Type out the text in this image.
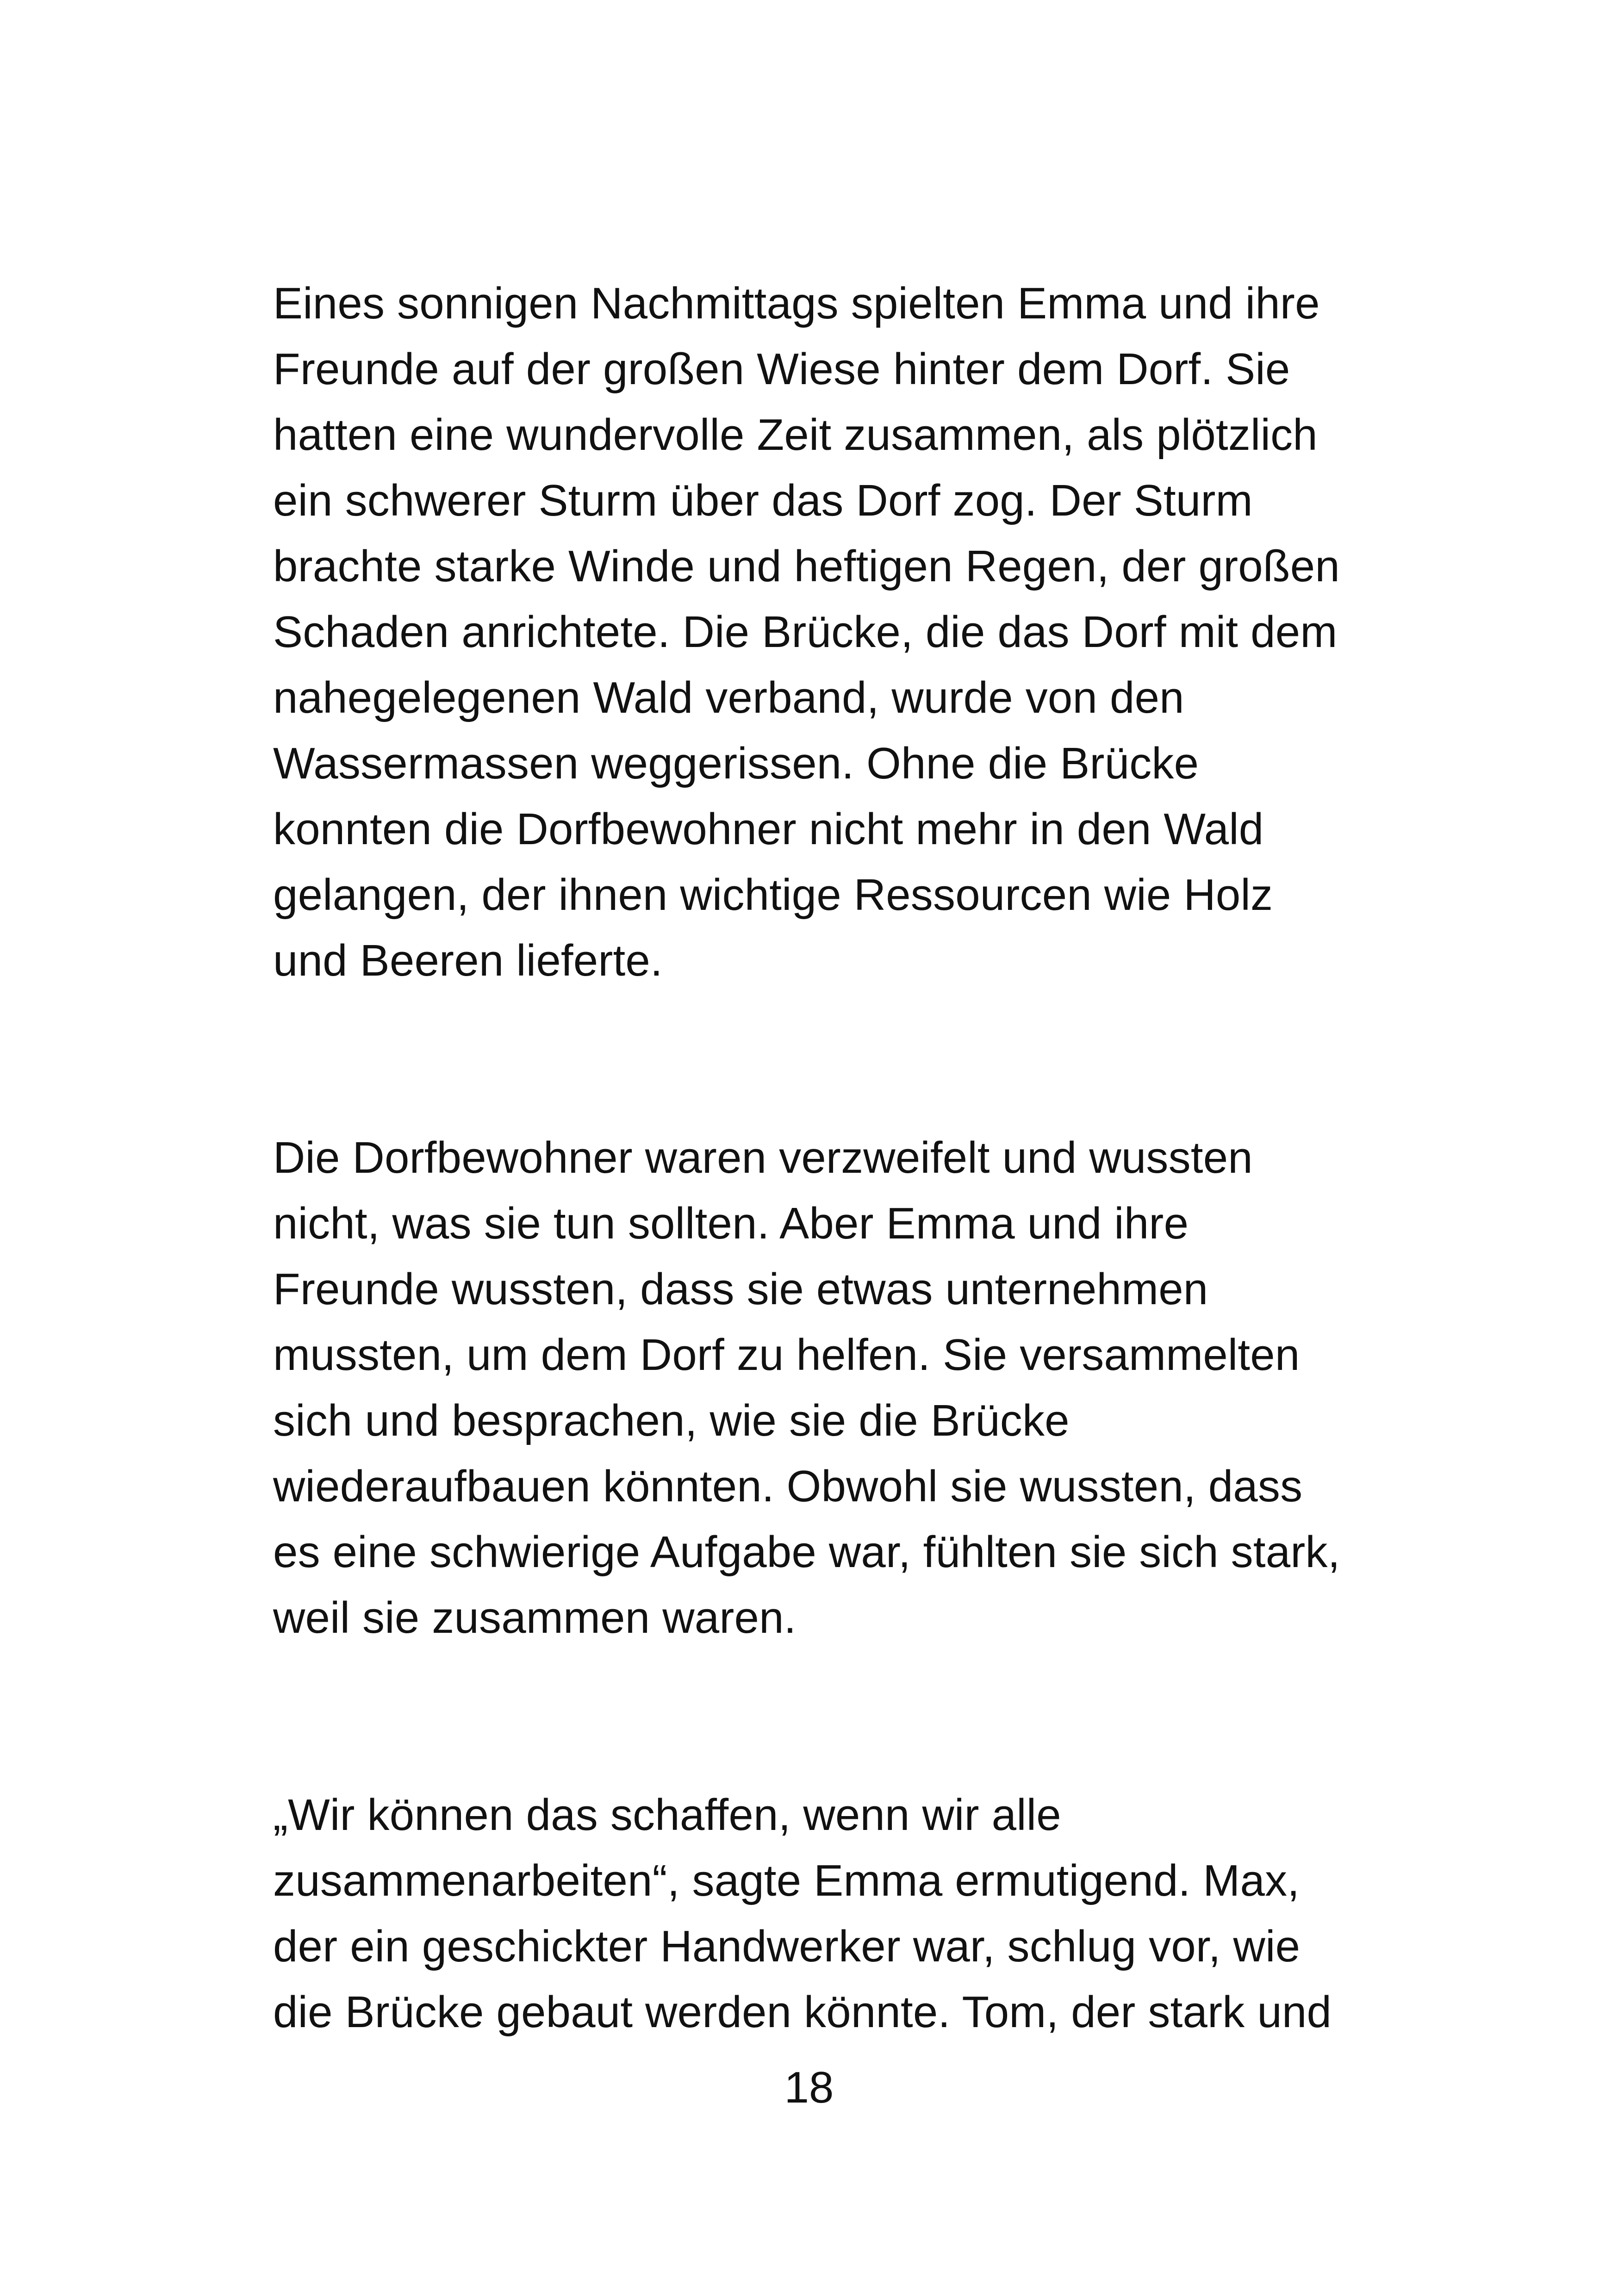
Eines sonnigen Nachmittags spielten Emma und ihre
Freunde auf der großen Wiese hinter dem Dorf. Sie
hatten eine wundervolle Zeit zusammen, als plötzlich
ein schwerer Sturm über das Dorf zog. Der Sturm
brachte starke Winde und heftigen Regen, der großen
Schaden anrichtete. Die Brücke, die das Dorf mit dem
nahegelegenen Wald verband, wurde von den
Wassermassen weggerissen. Ohne die Brücke
konnten die Dorfbewohner nicht mehr in den Wald
gelangen, der ihnen wichtige Ressourcen wie Holz
und Beeren lieferte.
Die Dorfbewohner waren verzweifelt und wussten
nicht, was sie tun sollten. Aber Emma und ihre
Freunde wussten, dass sie etwas unternehmen
mussten, um dem Dorf zu helfen. Sie versammelten
sich und besprachen, wie sie die Brücke
wiederaufbauen könnten. Obwohl sie wussten, dass
es eine schwierige Aufgabe war, fühlten sie sich stark,
weil sie zusammen waren.
„Wir können das schaffen, wenn wir alle
zusammenarbeiten“, sagte Emma ermutigend. Max,
der ein geschickter Handwerker war, schlug vor, wie
die Brücke gebaut werden könnte. Tom, der stark und
18
